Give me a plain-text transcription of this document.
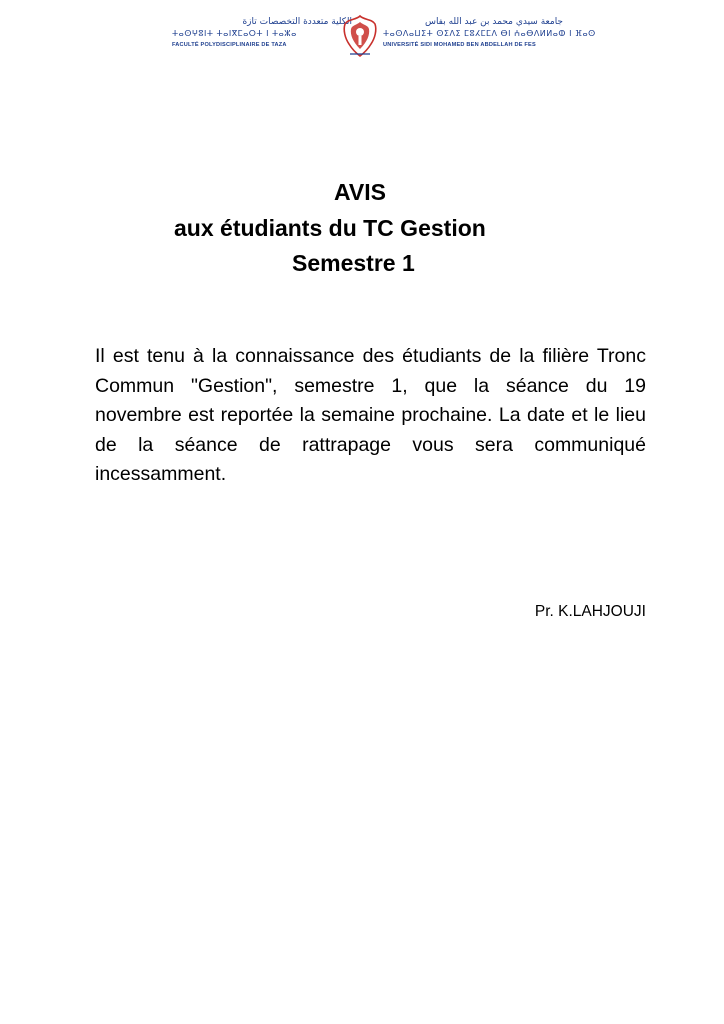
الكلية متعددة التخصصات تازة
ⵜⴰⵙⵖⵓⵏⵜ ⵜⴰⵏⴳⵎⴰⵔⵜ ⵏ ⵜⴰⵣⴰ
FACULTÉ POLYDISCIPLINAIRE DE TAZA
جامعة سيدي محمد بن عبد الله بفاس
ⵜⴰⵙⴷⴰⵡⵉⵜ ⵙⵉⴷⵉ ⵎⵓⵃⵎⵎⴷ ⴱⵏ ⵄⴰⴱⴷⵍⵍⴰⵀ ⵏ ⴼⴰⵙ
UNIVERSITÉ SIDI MOHAMED BEN ABDELLAH DE FES
AVIS
aux étudiants du TC Gestion
Semestre 1
Il est tenu à la connaissance des étudiants de la filière Tronc Commun "Gestion", semestre 1, que la séance du 19 novembre est reportée la semaine prochaine. La date et le lieu de la séance de rattrapage vous sera communiqué incessamment.
Pr. K.LAHJOUJI
